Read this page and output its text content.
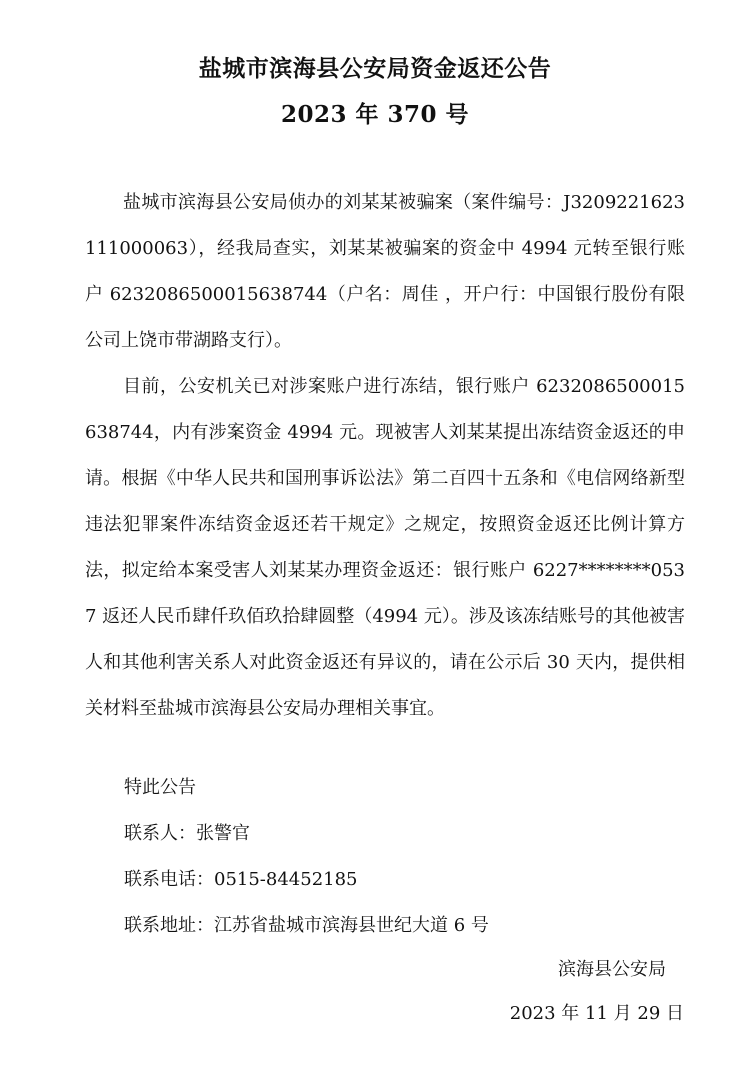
盐城市滨海县公安局资金返还公告
2023 年 370 号
盐城市滨海县公安局侦办的刘某某被骗案（案件编号：J3209221623111000063），经我局查实，刘某某被骗案的资金中 4994 元转至银行账户 6232086500015638744（户名：周佳 ，开户行：中国银行股份有限公司上饶市带湖路支行）。
目前，公安机关已对涉案账户进行冻结，银行账户 6232086500015638744，内有涉案资金 4994 元。现被害人刘某某提出冻结资金返还的申请。根据《中华人民共和国刑事诉讼法》第二百四十五条和《电信网络新型违法犯罪案件冻结资金返还若干规定》之规定，按照资金返还比例计算方法，拟定给本案受害人刘某某办理资金返还：银行账户 6227********0537 返还人民币肆仟玖佰玖拾肆圆整（4994 元）。涉及该冻结账号的其他被害人和其他利害关系人对此资金返还有异议的，请在公示后 30 天内，提供相关材料至盐城市滨海县公安局办理相关事宜。
特此公告
联系人：张警官
联系电话：0515-84452185
联系地址：江苏省盐城市滨海县世纪大道 6 号
滨海县公安局
2023 年 11 月 29 日
